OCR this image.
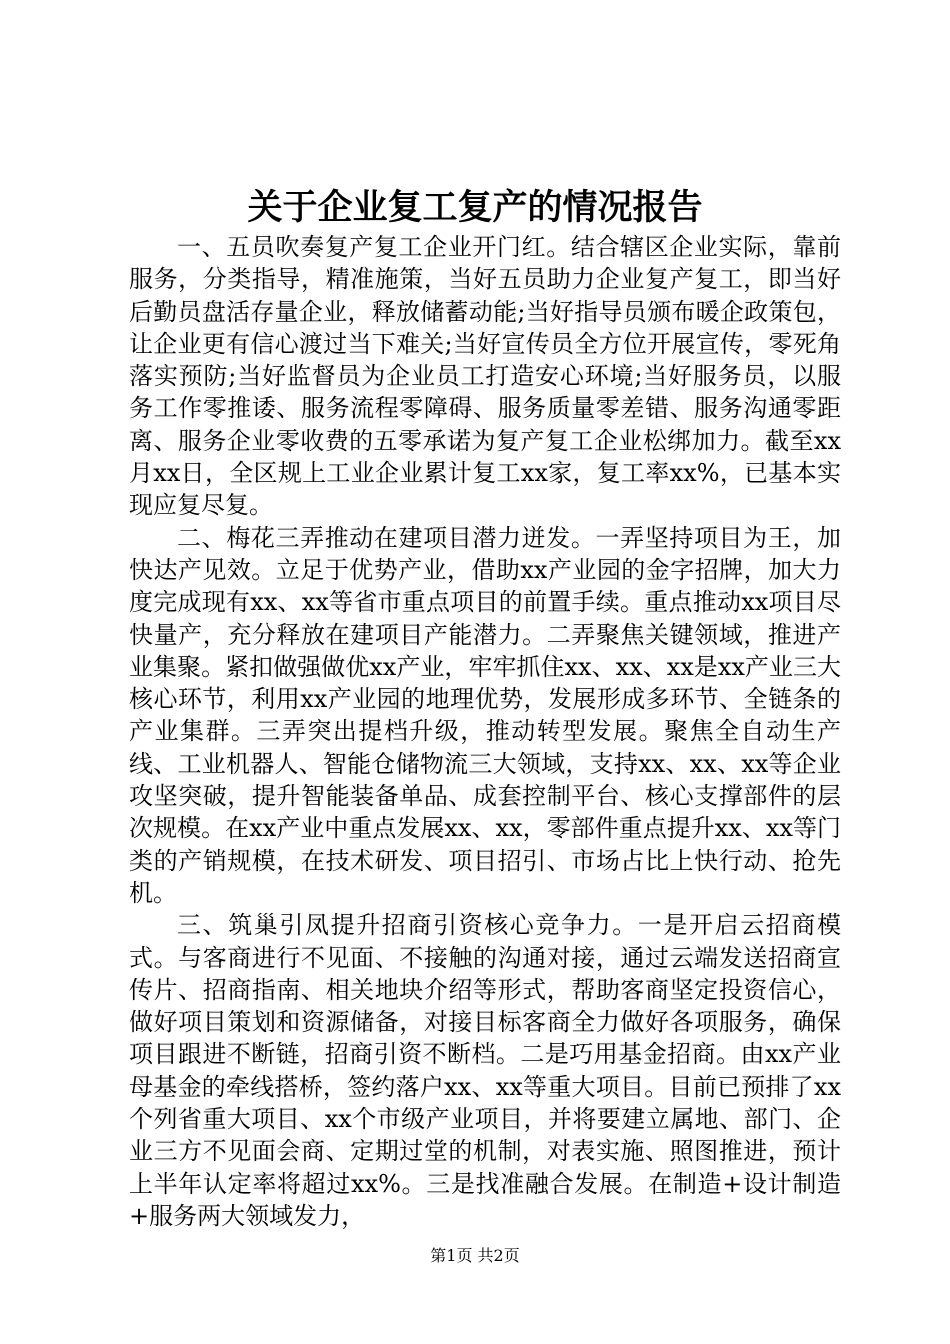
关于企业复工复产的情况报告

一、五员吹奏复产复工企业开门红。结合辖区企业实际，靠前服务，分类指导，精准施策，当好五员助力企业复产复工，即当好后勤员盘活存量企业，释放储蓄动能;当好指导员颁布暖企政策包，让企业更有信心渡过当下难关;当好宣传员全方位开展宣传，零死角落实预防;当好监督员为企业员工打造安心环境;当好服务员，以服务工作零推诿、服务流程零障碍、服务质量零差错、服务沟通零距离、服务企业零收费的五零承诺为复产复工企业松绑加力。截至xx月xx日，全区规上工业企业累计复工xx家，复工率xx%，已基本实现应复尽复。

二、梅花三弄推动在建项目潜力迸发。一弄坚持项目为王，加快达产见效。立足于优势产业，借助xx产业园的金字招牌，加大力度完成现有xx、xx等省市重点项目的前置手续。重点推动xx项目尽快量产，充分释放在建项目产能潜力。二弄聚焦关键领域，推进产业集聚。紧扣做强做优xx产业，牢牢抓住xx、xx、xx是xx产业三大核心环节，利用xx产业园的地理优势，发展形成多环节、全链条的产业集群。三弄突出提档升级，推动转型发展。聚焦全自动生产线、工业机器人、智能仓储物流三大领域，支持xx、xx、xx等企业攻坚突破，提升智能装备单品、成套控制平台、核心支撑部件的层次规模。在xx产业中重点发展xx、xx，零部件重点提升xx、xx等门类的产销规模，在技术研发、项目招引、市场占比上快行动、抢先机。

三、筑巢引凤提升招商引资核心竞争力。一是开启云招商模式。与客商进行不见面、不接触的沟通对接，通过云端发送招商宣传片、招商指南、相关地块介绍等形式，帮助客商坚定投资信心，做好项目策划和资源储备，对接目标客商全力做好各项服务，确保项目跟进不断链，招商引资不断档。二是巧用基金招商。由xx产业母基金的牵线搭桥，签约落户xx、xx等重大项目。目前已预排了xx个列省重大项目、xx个市级产业项目，并将要建立属地、部门、企业三方不见面会商、定期过堂的机制，对表实施、照图推进，预计上半年认定率将超过xx%。三是找准融合发展。在制造+设计制造+服务两大领域发力，

第1页 共2页
